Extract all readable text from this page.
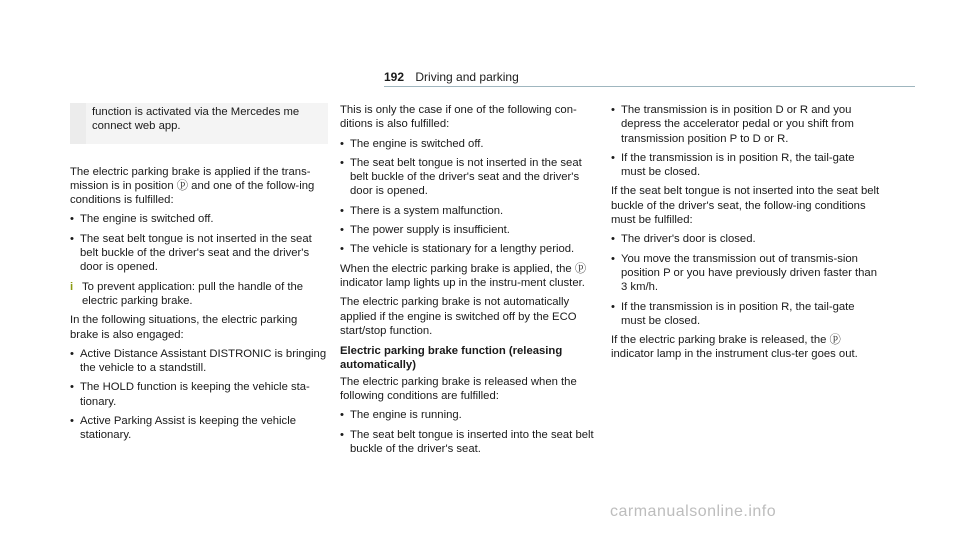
192 Driving and parking
function is activated via the Mercedes me connect web app.

The electric parking brake is applied if the trans-mission is in position ⓟ and one of the follow-ing conditions is fulfilled:

• The engine is switched off.
• The seat belt tongue is not inserted in the seat belt buckle of the driver's seat and the driver's door is opened.
i To prevent application: pull the handle of the electric parking brake.

In the following situations, the electric parking brake is also engaged:

• Active Distance Assistant DISTRONIC is bringing the vehicle to a standstill.
• The HOLD function is keeping the vehicle sta-tionary.
• Active Parking Assist is keeping the vehicle stationary.

This is only the case if one of the following con-ditions is also fulfilled:

• The engine is switched off.
• The seat belt tongue is not inserted in the seat belt buckle of the driver's seat and the driver's door is opened.
• There is a system malfunction.
• The power supply is insufficient.
• The vehicle is stationary for a lengthy period.

When the electric parking brake is applied, the ⓟ indicator lamp lights up in the instru-ment cluster.

The electric parking brake is not automatically applied if the engine is switched off by the ECO start/stop function.

Electric parking brake function (releasing automatically)

The electric parking brake is released when the following conditions are fulfilled:

• The engine is running.
• The seat belt tongue is inserted into the seat belt buckle of the driver's seat.
• The transmission is in position D or R and you depress the accelerator pedal or you shift from transmission position P to D or R.
• If the transmission is in position R, the tail-gate must be closed.

If the seat belt tongue is not inserted into the seat belt buckle of the driver's seat, the follow-ing conditions must be fulfilled:

• The driver's door is closed.
• You move the transmission out of transmis-sion position P or you have previously driven faster than 3 km/h.
• If the transmission is in position R, the tail-gate must be closed.

If the electric parking brake is released, the ⓟ indicator lamp in the instrument clus-ter goes out.

carmanualsonline.info
